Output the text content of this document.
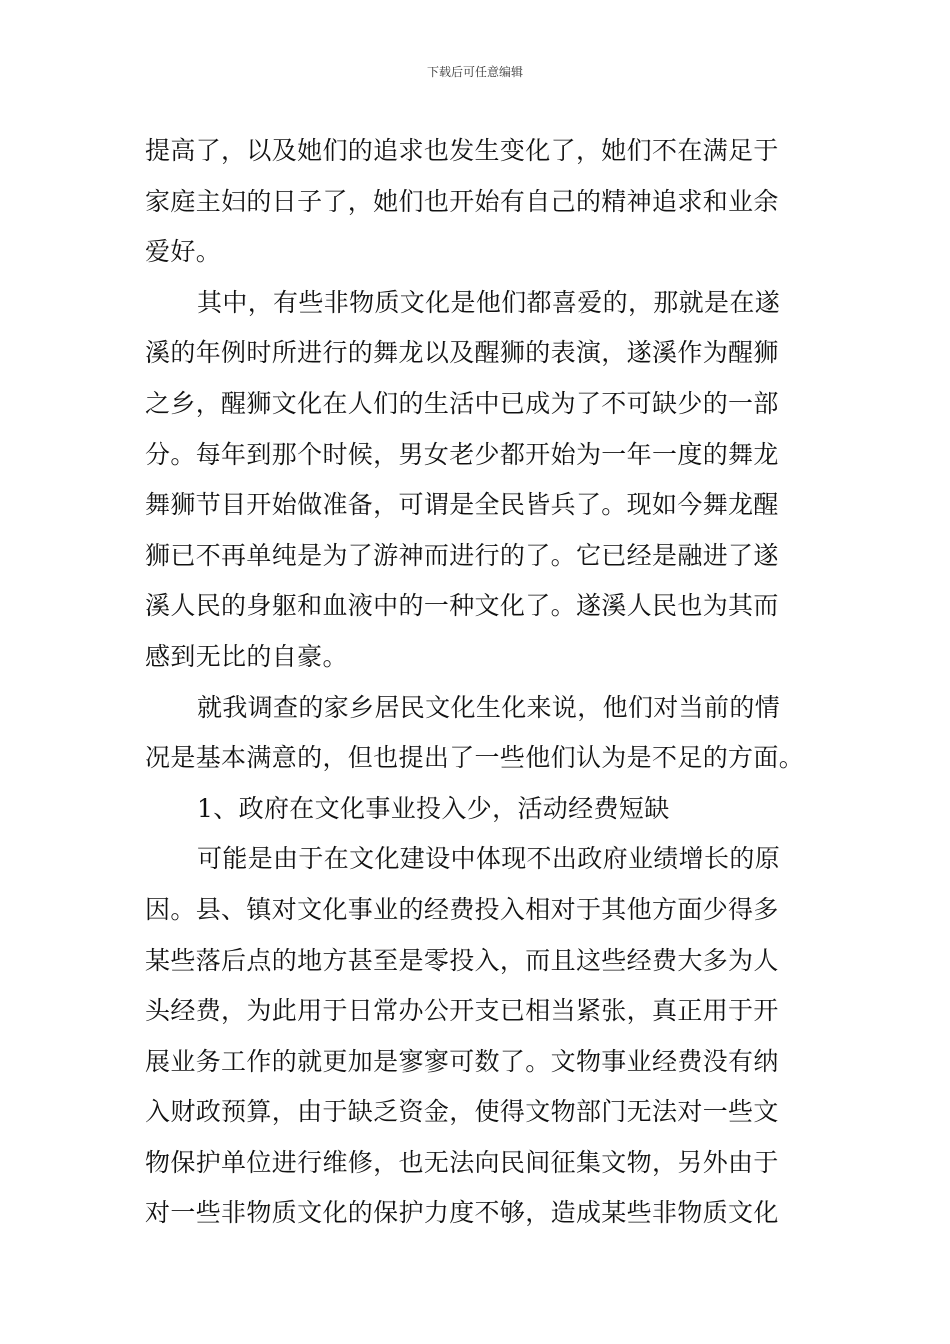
下载后可任意编辑
提高了，以及她们的追求也发生变化了，她们不在满足于
家庭主妇的日子了，她们也开始有自己的精神追求和业余
爱好。
其中，有些非物质文化是他们都喜爱的，那就是在遂
溪的年例时所进行的舞龙以及醒狮的表演，遂溪作为醒狮
之乡，醒狮文化在人们的生活中已成为了不可缺少的一部
分。每年到那个时候，男女老少都开始为一年一度的舞龙
舞狮节目开始做准备，可谓是全民皆兵了。现如今舞龙醒
狮已不再单纯是为了游神而进行的了。它已经是融进了遂
溪人民的身躯和血液中的一种文化了。遂溪人民也为其而
感到无比的自豪。
就我调查的家乡居民文化生化来说，他们对当前的情
况是基本满意的，但也提出了一些他们认为是不足的方面。
1、政府在文化事业投入少，活动经费短缺
可能是由于在文化建设中体现不出政府业绩增长的原
因。县、镇对文化事业的经费投入相对于其他方面少得多
某些落后点的地方甚至是零投入，而且这些经费大多为人
头经费，为此用于日常办公开支已相当紧张，真正用于开
展业务工作的就更加是寥寥可数了。文物事业经费没有纳
入财政预算，由于缺乏资金，使得文物部门无法对一些文
物保护单位进行维修，也无法向民间征集文物，另外由于
对一些非物质文化的保护力度不够，造成某些非物质文化
